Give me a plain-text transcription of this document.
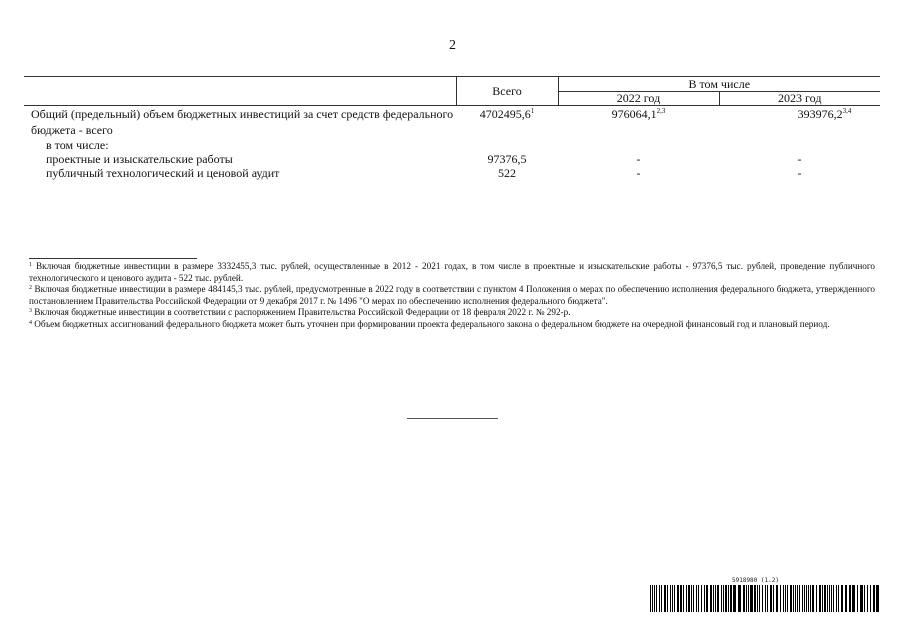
2
	Всего	В том числе	
		2022 год	2023 год
Общий (предельный) объем бюджетных инвестиций за счет средств федерального бюджета - всего	4702495,6$^1$	976064,1$^{2,3}$	393976,2$^{3,4}$
в том числе:			
проектные и изыскательские работы	97376,5	-	-
публичный технологический и ценовой аудит	522	-	-

$^1$ Включая бюджетные инвестиции в размере 3332455,3 тыс. рублей, осуществленные в 2012 - 2021 годах, в том числе в проектные и изыскательские работы - 97376,5 тыс. рублей, проведение публичного технологического и ценового аудита - 522 тыс. рублей.

$^2$ Включая бюджетные инвестиции в размере 484145,3 тыс. рублей, предусмотренные в 2022 году в соответствии с пунктом 4 Положения о мерах по обеспечению исполнения федерального бюджета, утвержденного постановлением Правительства Российской Федерации от 9 декабря 2017 г. № 1496 "О мерах по обеспечению исполнения федерального бюджета".

$^3$ Включая бюджетные инвестиции в соответствии с распоряжением Правительства Российской Федерации от 18 февраля 2022 г. № 292-р.

$^4$ Объем бюджетных ассигнований федерального бюджета может быть уточнен при формировании проекта федерального закона о федеральном бюджете на очередной финансовый год и плановый период.

5918980 (1.2)
